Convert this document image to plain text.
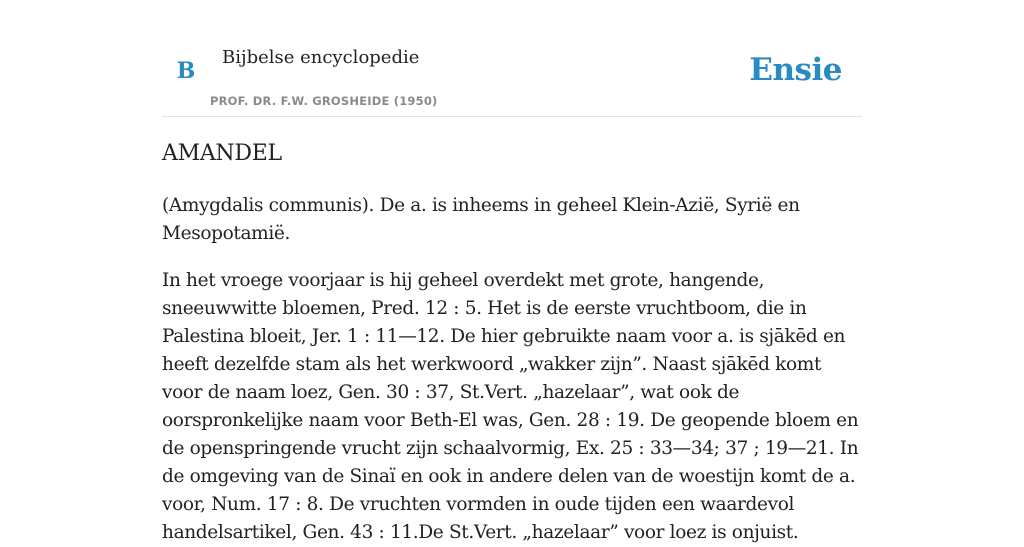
B
Bijbelse encyclopedie
PROF. DR. F.W. GROSHEIDE (1950)
Ensie
AMANDEL

(Amygdalis communis). De a. is inheems in geheel Klein-Azië, Syrië en Mesopotamië.

In het vroege voorjaar is hij geheel overdekt met grote, hangende, sneeuwwitte bloemen, Pred. 12 : 5. Het is de eerste vruchtboom, die in Palestina bloeit, Jer. 1 : 11—12. De hier gebruikte naam voor a. is sjākēd en heeft dezelfde stam als het werkwoord „wakker zijn”. Naast sjākēd komt voor de naam loez, Gen. 30 : 37, St.Vert. „hazelaar”, wat ook de oorspronkelijke naam voor Beth-El was, Gen. 28 : 19. De geopende bloem en de openspringende vrucht zijn schaalvormig, Ex. 25 : 33—34; 37 ; 19—21. In de omgeving van de Sinaï en ook in andere delen van de woestijn komt de a. voor, Num. 17 : 8. De vruchten vormden in oude tijden een waardevol handelsartikel, Gen. 43 : 11.De St.Vert. „hazelaar” voor loez is onjuist.
